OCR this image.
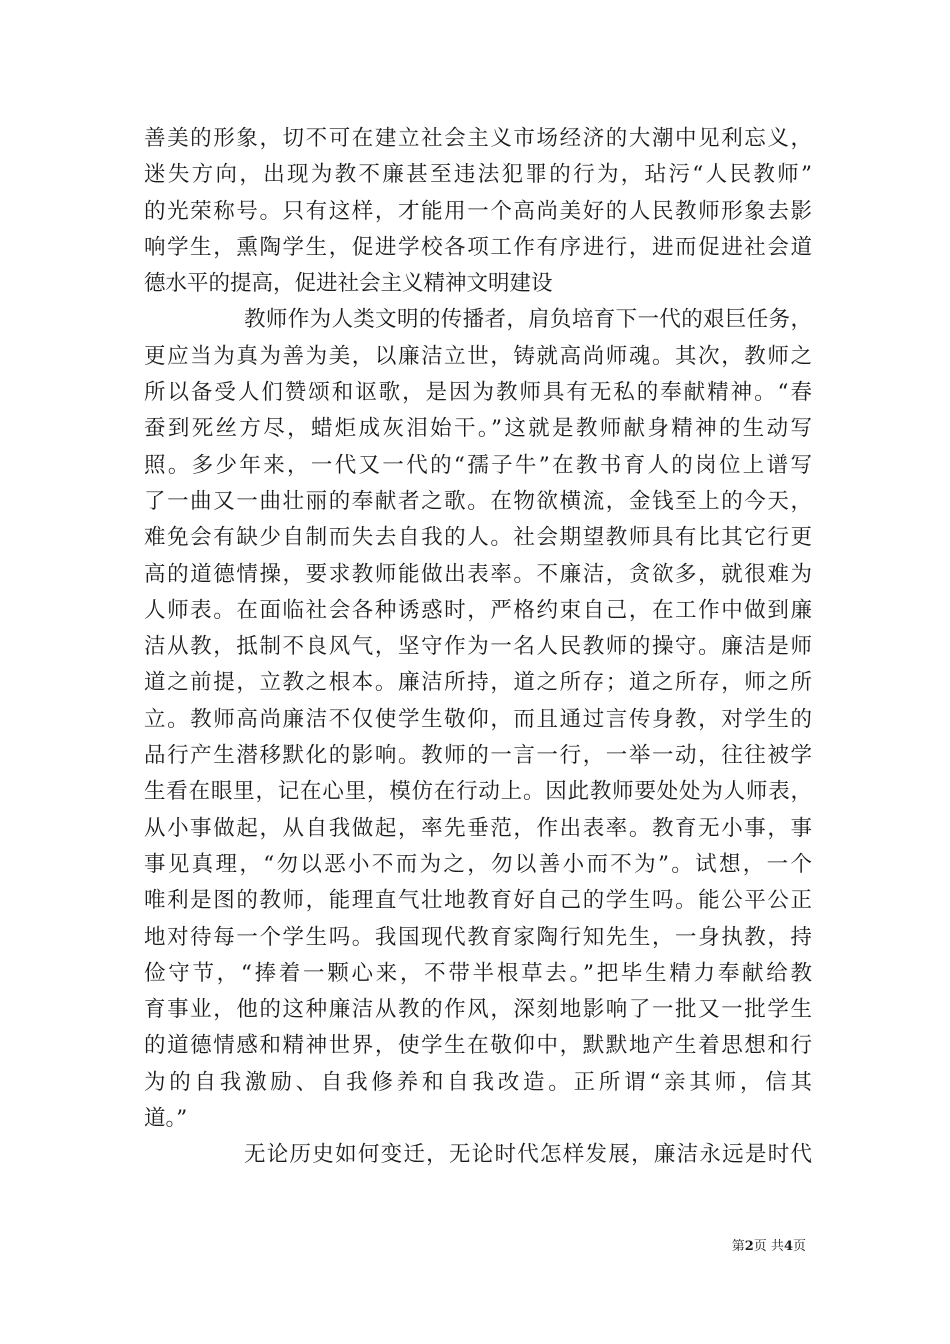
善美的形象，切不可在建立社会主义市场经济的大潮中见利忘义，
迷失方向，出现为教不廉甚至违法犯罪的行为，玷污“人民教师”
的光荣称号。只有这样，才能用一个高尚美好的人民教师形象去影
响学生，熏陶学生，促进学校各项工作有序进行，进而促进社会道
德水平的提高，促进社会主义精神文明建设
教师作为人类文明的传播者，肩负培育下一代的艰巨任务，
更应当为真为善为美，以廉洁立世，铸就高尚师魂。其次，教师之
所以备受人们赞颂和讴歌，是因为教师具有无私的奉献精神。“春
蚕到死丝方尽，蜡炬成灰泪始干。”这就是教师献身精神的生动写
照。多少年来，一代又一代的“孺子牛”在教书育人的岗位上谱写
了一曲又一曲壮丽的奉献者之歌。在物欲横流，金钱至上的今天，
难免会有缺少自制而失去自我的人。社会期望教师具有比其它行更
高的道德情操，要求教师能做出表率。不廉洁，贪欲多，就很难为
人师表。在面临社会各种诱惑时，严格约束自己，在工作中做到廉
洁从教，抵制不良风气，坚守作为一名人民教师的操守。廉洁是师
道之前提，立教之根本。廉洁所持，道之所存；道之所存，师之所
立。教师高尚廉洁不仅使学生敬仰，而且通过言传身教，对学生的
品行产生潜移默化的影响。教师的一言一行，一举一动，往往被学
生看在眼里，记在心里，模仿在行动上。因此教师要处处为人师表，
从小事做起，从自我做起，率先垂范，作出表率。教育无小事，事
事见真理，“勿以恶小不而为之，勿以善小而不为”。试想，一个
唯利是图的教师，能理直气壮地教育好自己的学生吗。能公平公正
地对待每一个学生吗。我国现代教育家陶行知先生，一身执教，持
俭守节，“捧着一颗心来，不带半根草去。”把毕生精力奉献给教
育事业，他的这种廉洁从教的作风，深刻地影响了一批又一批学生
的道德情感和精神世界，使学生在敬仰中，默默地产生着思想和行
为的自我激励、自我修养和自我改造。正所谓“亲其师，信其
道。”
无论历史如何变迁，无论时代怎样发展，廉洁永远是时代
第2页 共4页
